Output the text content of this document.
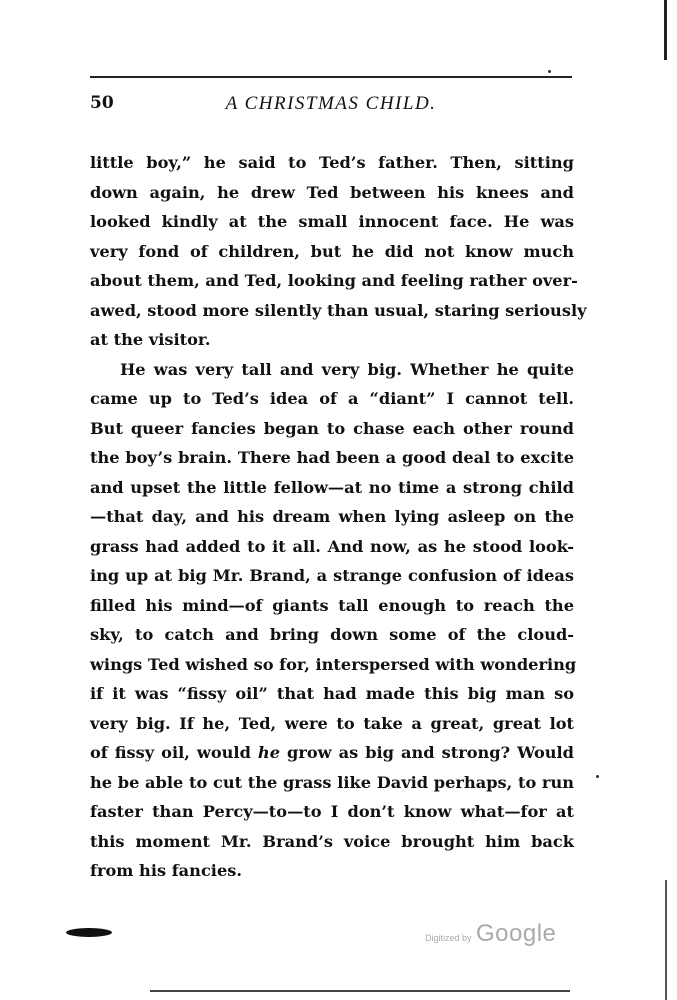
50	A CHRISTMAS CHILD.

little boy,” he said to Ted’s father. Then, sitting
down again, he drew Ted between his knees and
looked kindly at the small innocent face. He was
very fond of children, but he did not know much
about them, and Ted, looking and feeling rather over-
awed, stood more silently than usual, staring seriously
at the visitor.

He was very tall and very big. Whether he quite
came up to Ted’s idea of a “diant” I cannot tell.
But queer fancies began to chase each other round
the boy’s brain. There had been a good deal to excite
and upset the little fellow—at no time a strong child
—that day, and his dream when lying asleep on the
grass had added to it all. And now, as he stood look-
ing up at big Mr. Brand, a strange confusion of ideas
filled his mind—of giants tall enough to reach the
sky, to catch and bring down some of the cloud-
wings Ted wished so for, interspersed with wondering
if it was “fissy oil” that had made this big man so
very big. If he, Ted, were to take a great, great lot
of fissy oil, would he grow as big and strong? Would
he be able to cut the grass like David perhaps, to run
faster than Percy—to—to I don’t know what—for at
this moment Mr. Brand’s voice brought him back
from his fancies.

Digitized by Google
